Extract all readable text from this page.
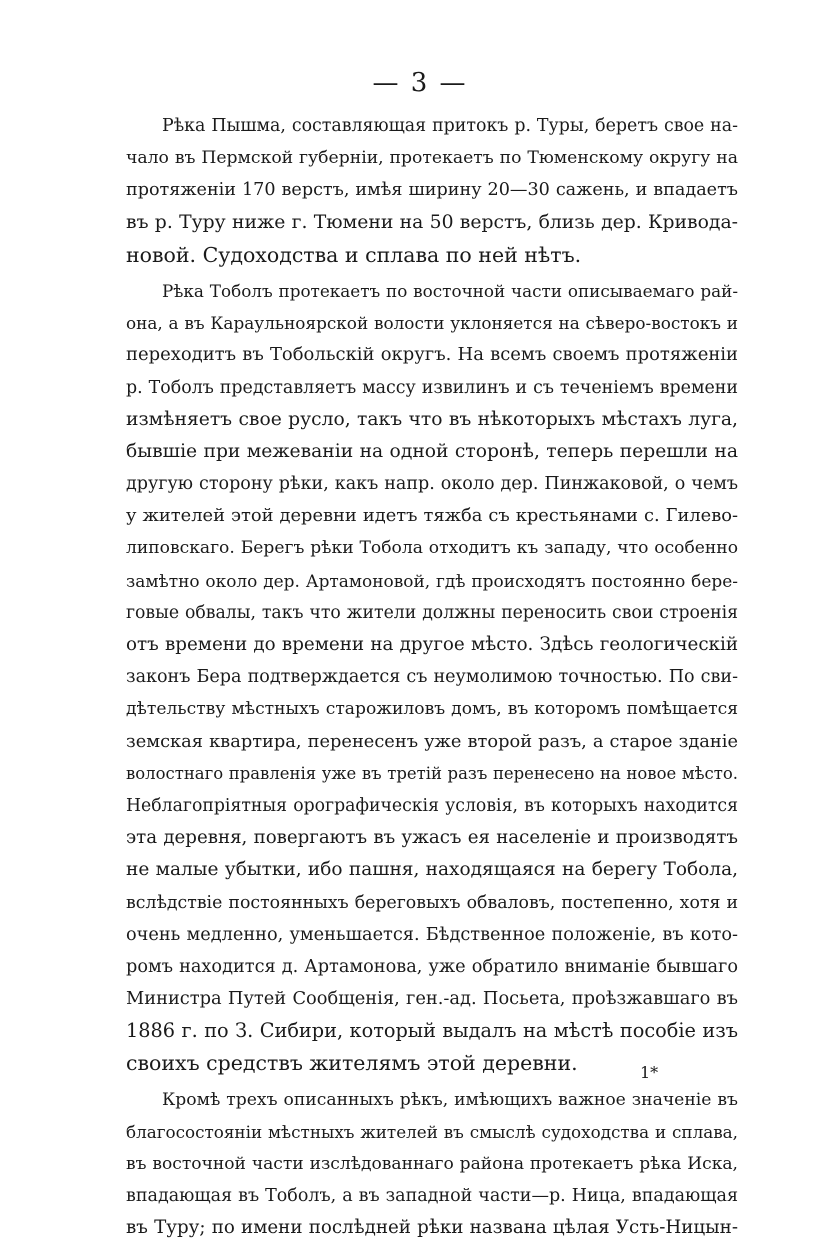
— 3 —
Рѣка Пышма, составляющая притокъ р. Туры, беретъ свое на-
чало въ Пермской губерніи, протекаетъ по Тюменскому округу на
протяженіи 170 верстъ, имѣя ширину 20—30 сажень, и впадаетъ
въ р. Туру ниже г. Тюмени на 50 верстъ, близь дер. Криводa-
новой. Судоходства и сплава по ней нѣтъ.
Рѣка Тоболъ протекаетъ по восточной части описываемаго рай-
она, а въ Караульноярской волости уклоняется на сѣверо-востокъ и
переходитъ въ Тобольскій округъ. На всемъ своемъ протяженіи
р. Тоболъ представляетъ массу извилинъ и съ теченіемъ времени
измѣняетъ свое русло, такъ что въ нѣкоторыхъ мѣстахъ луга,
бывшіе при межеваніи на одной сторонѣ, теперь перешли на
другую сторону рѣки, какъ напр. около дер. Пинжаковой, о чемъ
у жителей этой деревни идетъ тяжба съ крестьянами с. Гилево-
липовскаго. Берегъ рѣки Тобола отходитъ къ западу, что особенно
замѣтно около дер. Артамоновой, гдѣ происходятъ постоянно бере-
говые обвалы, такъ что жители должны переносить свои строенія
отъ времени до времени на другое мѣсто. Здѣсь геологическій
законъ Бера подтверждается съ неумолимою точностью. По сви-
дѣтельству мѣстныхъ старожиловъ домъ, въ которомъ помѣщается
земская квартира, перенесенъ уже второй разъ, а старое зданіе
волостнаго правленія уже въ третій разъ перенесено на новое мѣсто.
Неблагопріятныя орографическія условія, въ которыхъ находится
эта деревня, повергаютъ въ ужасъ ея населеніе и производятъ
не малые убытки, ибо пашня, находящаяся на берегу Тобола,
вслѣдствіе постоянныхъ береговыхъ обваловъ, постепенно, хотя и
очень медленно, уменьшается. Бѣдственное положеніе, въ кото-
ромъ находится д. Артамонова, уже обратило вниманіе бывшаго
Министра Путей Сообщенія, ген.-ад. Посьета, проѣзжавшаго въ
1886 г. по З. Сибири, который выдалъ на мѣстѣ пособіе изъ
своихъ средствъ жителямъ этой деревни.
Кромѣ трехъ описанныхъ рѣкъ, имѣющихъ важное значеніе въ
благосостояніи мѣстныхъ жителей въ смыслѣ судоходства и сплава,
въ восточной части изслѣдованнаго района протекаетъ рѣка Иска,
впадающая въ Тоболъ, а въ западной части—р. Ница, впадающая
въ Туру; по имени послѣдней рѣки названа цѣлая Усть-Ницын-
1*
